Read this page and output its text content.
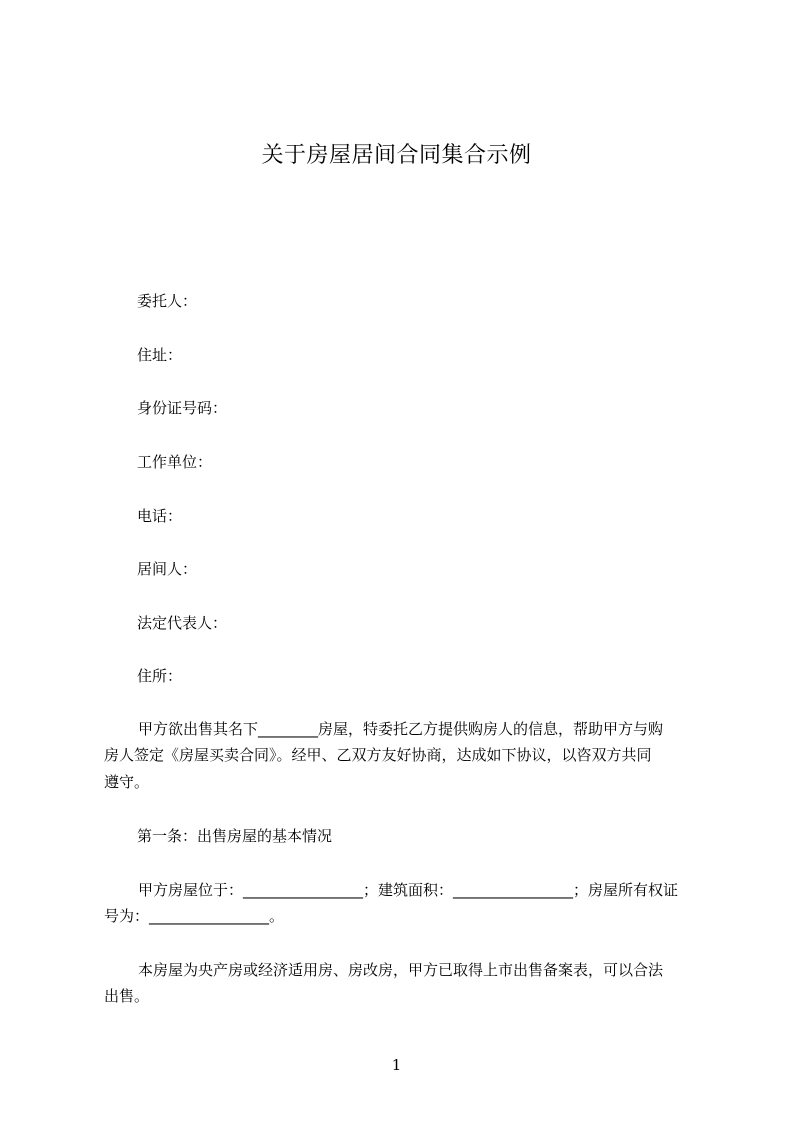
关于房屋居间合同集合示例
委托人：
住址：
身份证号码：
工作单位：
电话：
居间人：
法定代表人：
住所：
甲方欲出售其名下________房屋，特委托乙方提供购房人的信息，帮助甲方与购
房人签定《房屋买卖合同》。经甲、乙双方友好协商，达成如下协议，以咨双方共同
遵守。
第一条：出售房屋的基本情况
甲方房屋位于：________________；建筑面积：________________；房屋所有权证
号为：________________。
本房屋为央产房或经济适用房、房改房，甲方已取得上市出售备案表，可以合法
出售。
1
